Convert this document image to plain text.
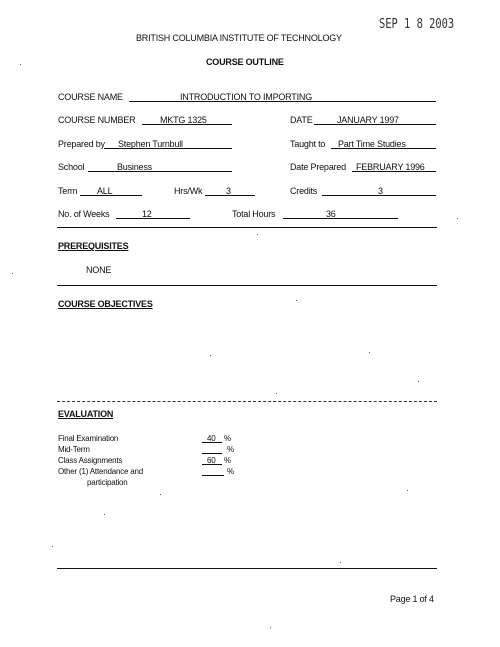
SEP 1 8 2003
BRITISH COLUMBIA INSTITUTE OF TECHNOLOGY
COURSE OUTLINE
COURSE NAME	INTRODUCTION TO IMPORTING
COURSE NUMBER	MKTG 1325	DATE	JANUARY 1997
Prepared by Stephen Turnbull	Taught to Part Time Studies
School	Business	Date Prepared FEBRUARY 1996
Term ALL	Hrs/Wk	3	Credits	3
No. of Weeks	12	Total Hours	36
PREREQUISITES
NONE
COURSE OBJECTIVES
EVALUATION
Final Examination	40 %
Mid-Term	%
Class Assignments	60 %
Other (1) Attendance and	%
participation
Page 1 of 4
